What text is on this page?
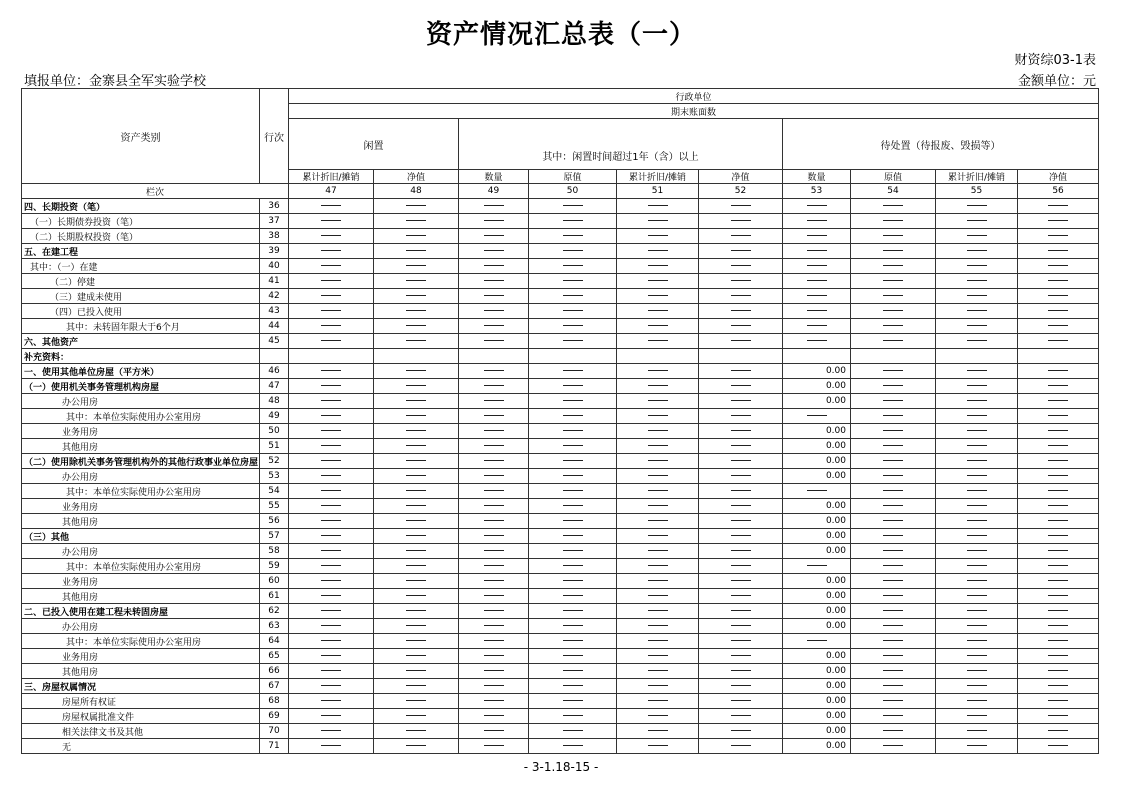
资产情况汇总表（一）
财资综03-1表
填报单位：金寨县全军实验学校	金额单位：元
资产类别	行次	行政单位									
		期末账面数									
		闲置		其中：闲置时间超过1年（含）以上				待处置（待报废、毁损等）			
		累计折旧/摊销	净值	数量	原值	累计折旧/摊销	净值	数量	原值	累计折旧/摊销	净值
栏次		47	48	49	50	51	52	53	54	55	56
四、长期投资（笔）	36										
（一）长期债券投资（笔）	37										
（二）长期股权投资（笔）	38										
五、在建工程	39										
其中：（一）在建	40										
（二）停建	41										
（三）建成未使用	42										
（四）已投入使用	43										
其中：未转固年限大于6个月	44										
六、其他资产	45										
补充资料：											
一、使用其他单位房屋（平方米）	46							0.00			
（一）使用机关事务管理机构房屋	47							0.00			
办公用房	48							0.00			
其中：本单位实际使用办公室用房	49										
业务用房	50							0.00			
其他用房	51							0.00			
（二）使用除机关事务管理机构外的其他行政事业单位房屋	52							0.00			
办公用房	53							0.00			
其中：本单位实际使用办公室用房	54										
业务用房	55							0.00			
其他用房	56							0.00			
（三）其他	57							0.00			
办公用房	58							0.00			
其中：本单位实际使用办公室用房	59										
业务用房	60							0.00			
其他用房	61							0.00			
二、已投入使用在建工程未转固房屋	62							0.00			
办公用房	63							0.00			
其中：本单位实际使用办公室用房	64										
业务用房	65							0.00			
其他用房	66							0.00			
三、房屋权属情况	67							0.00			
房屋所有权证	68							0.00			
房屋权属批准文件	69							0.00			
相关法律文书及其他	70							0.00			
无	71							0.00			
- 3-1.18-15 -
